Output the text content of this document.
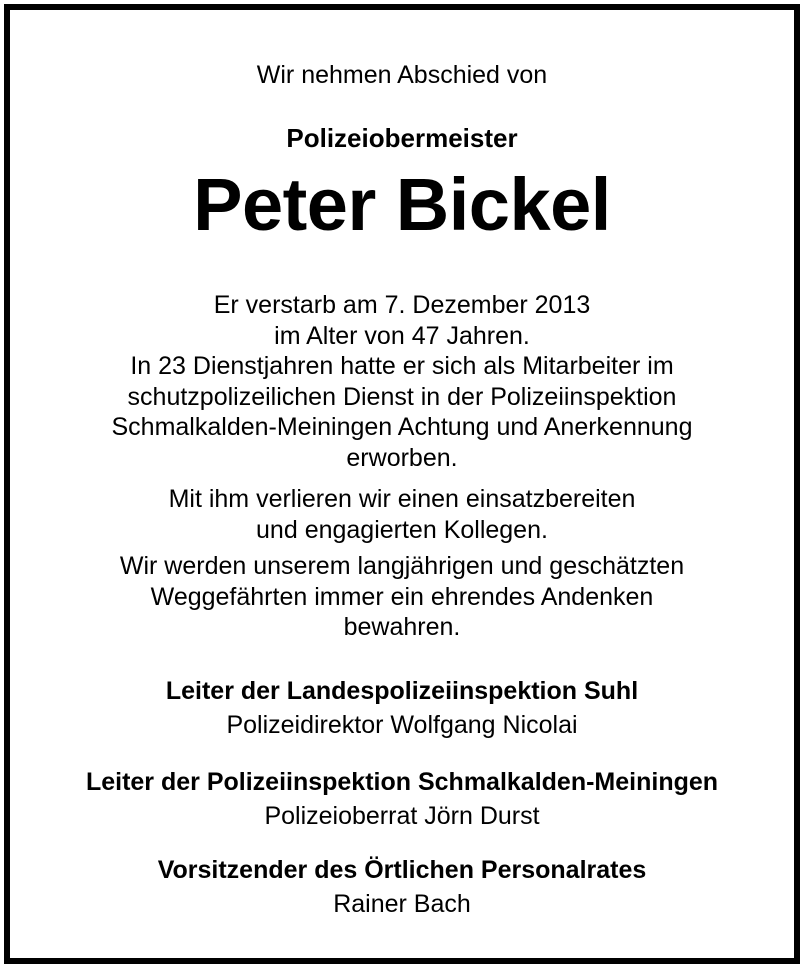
Wir nehmen Abschied von
Polizeiobermeister
Peter Bickel
Er verstarb am 7. Dezember 2013
im Alter von 47 Jahren.
In 23 Dienstjahren hatte er sich als Mitarbeiter im
schutzpolizeilichen Dienst in der Polizeiinspektion
Schmalkalden-Meiningen Achtung und Anerkennung
erworben.
Mit ihm verlieren wir einen einsatzbereiten
und engagierten Kollegen.
Wir werden unserem langjährigen und geschätzten
Weggefährten immer ein ehrendes Andenken
bewahren.
Leiter der Landespolizeiinspektion Suhl
Polizeidirektor Wolfgang Nicolai
Leiter der Polizeiinspektion Schmalkalden-Meiningen
Polizeioberrat Jörn Durst
Vorsitzender des Örtlichen Personalrates
Rainer Bach
